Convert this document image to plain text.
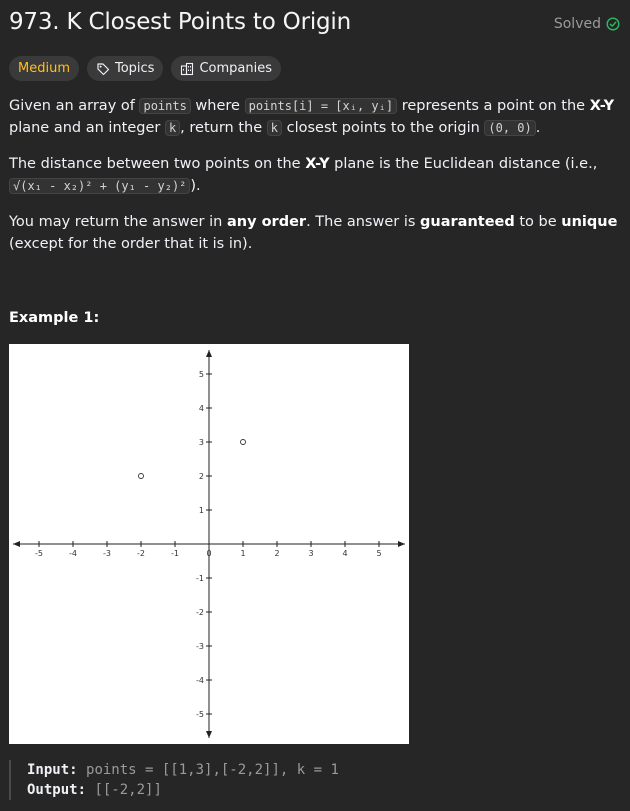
973. K Closest Points to Origin	Solved
Medium	Topics	Companies
Given an array of points where points[i] = [xᵢ, yᵢ] represents a point on the X-Y plane and an integer k , return the k closest points to the origin (0, 0) .
The distance between two points on the X-Y plane is the Euclidean distance (i.e., √(x₁ - x₂)² + (y₁ - y₂)² ).
You may return the answer in any order. The answer is guaranteed to be unique (except for the order that it is in).
Example 1:
-5	-4	-3	-2	-1	0	1	2	3	4	5
-5
-4
-3
-2
-1
1
2
3
4
5
Input: points = [[1,3],[-2,2]], k = 1
Output: [[-2,2]]
